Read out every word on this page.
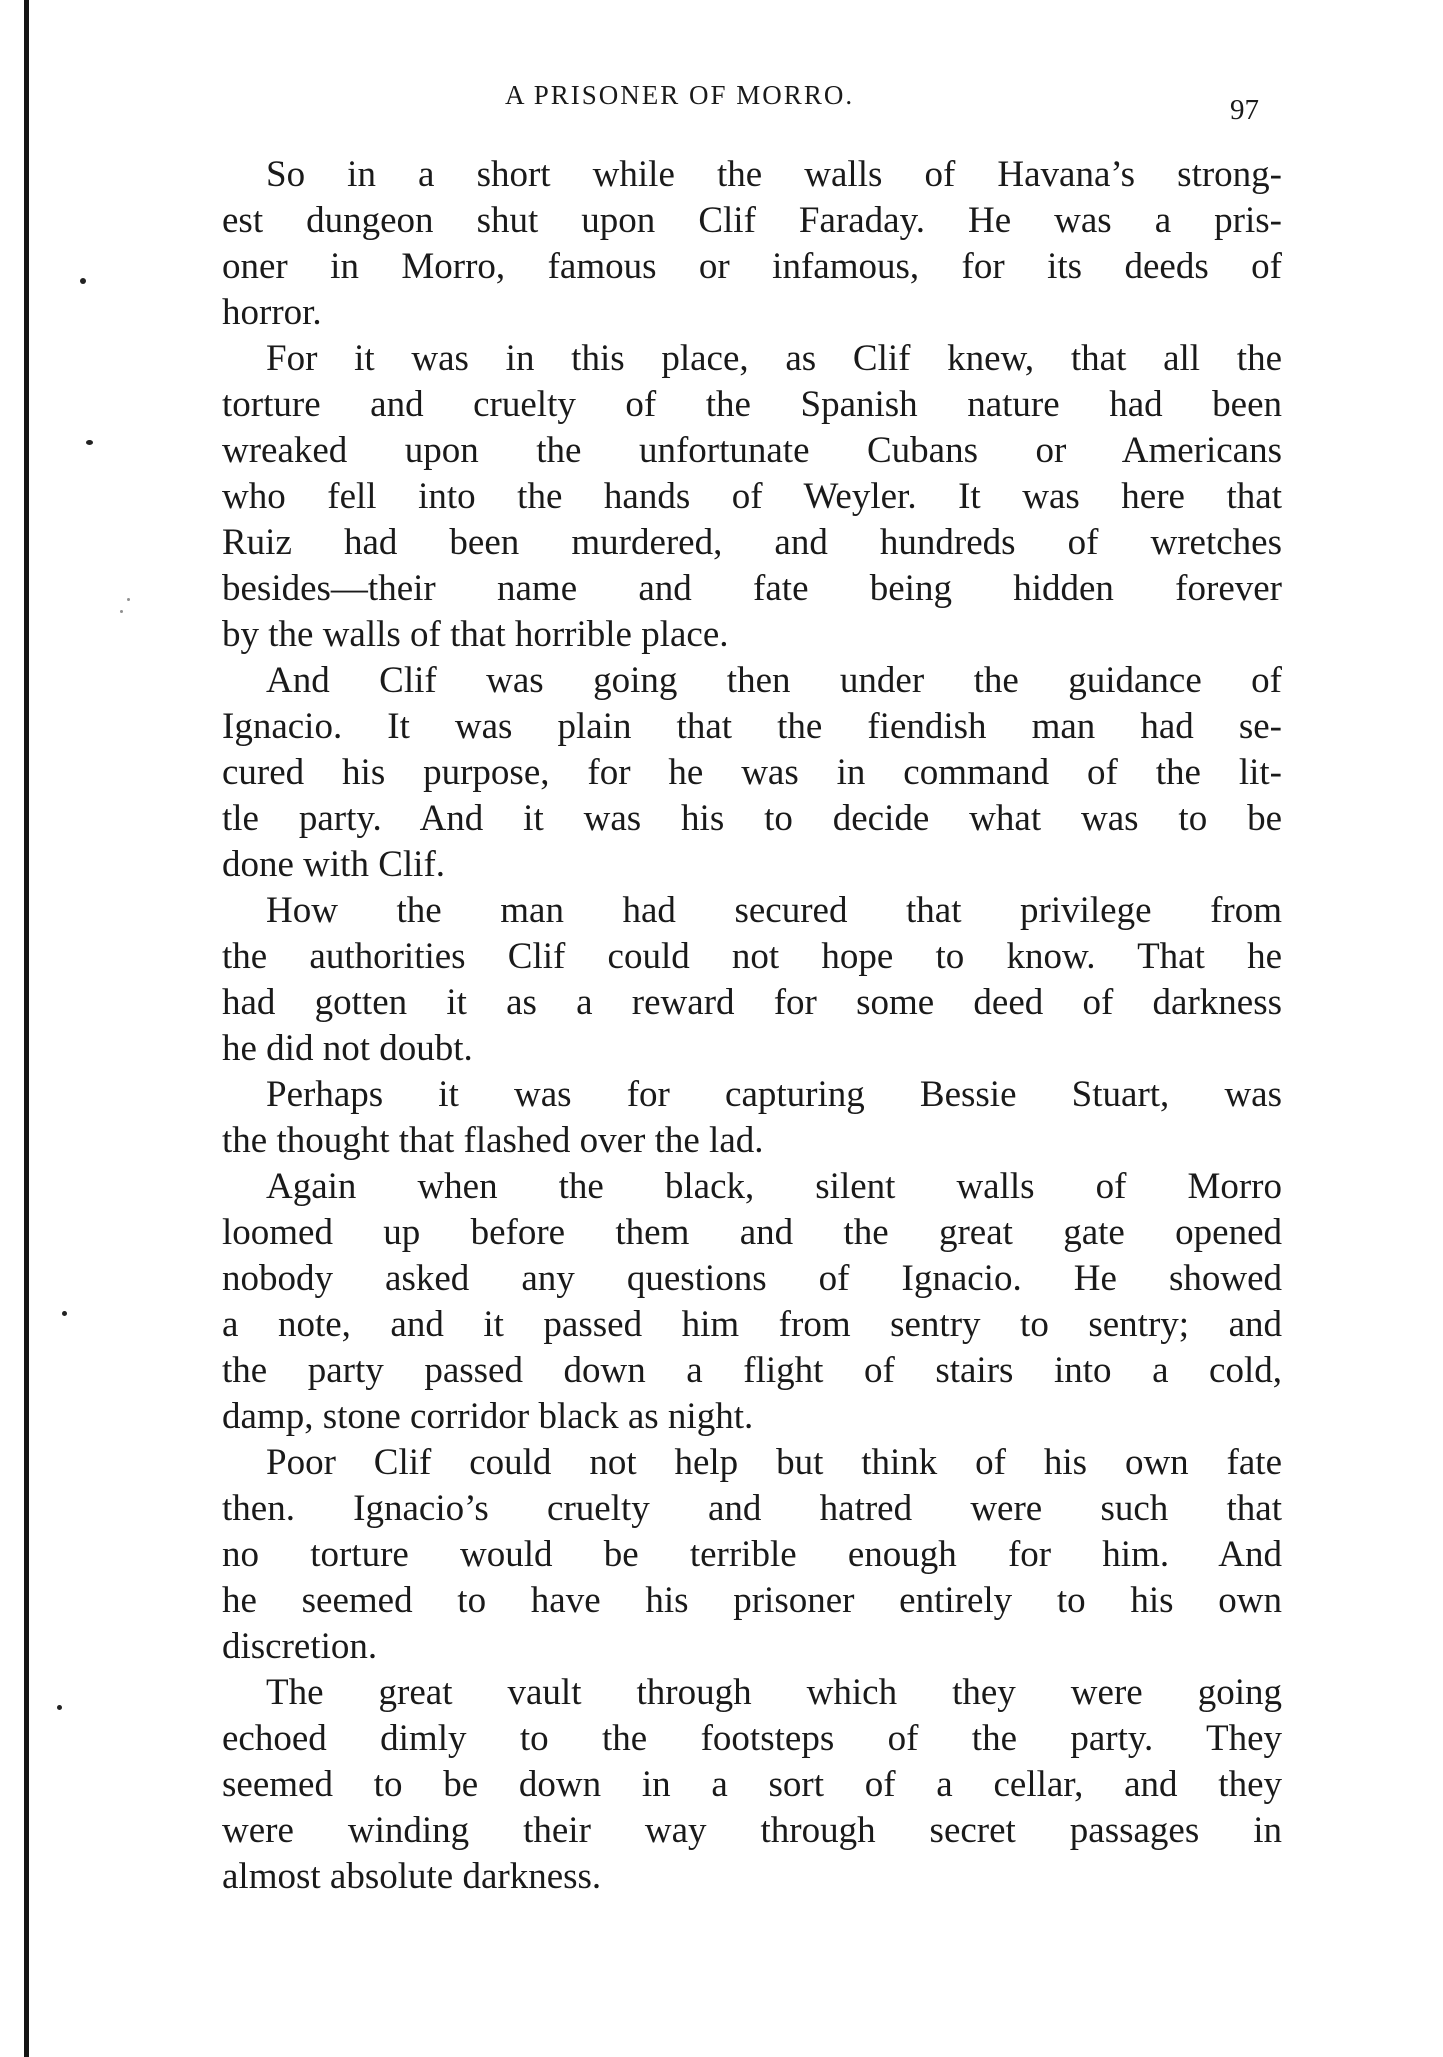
A PRISONER OF MORRO.	97
So in a short while the walls of Havana’s strong-
est dungeon shut upon Clif Faraday. He was a pris-
oner in Morro, famous or infamous, for its deeds of
horror.
For it was in this place, as Clif knew, that all the
torture and cruelty of the Spanish nature had been
wreaked upon the unfortunate Cubans or Americans
who fell into the hands of Weyler. It was here that
Ruiz had been murdered, and hundreds of wretches
besides—their name and fate being hidden forever
by the walls of that horrible place.
And Clif was going then under the guidance of
Ignacio. It was plain that the fiendish man had se-
cured his purpose, for he was in command of the lit-
tle party. And it was his to decide what was to be
done with Clif.
How the man had secured that privilege from
the authorities Clif could not hope to know. That he
had gotten it as a reward for some deed of darkness
he did not doubt.
Perhaps it was for capturing Bessie Stuart, was
the thought that flashed over the lad.
Again when the black, silent walls of Morro
loomed up before them and the great gate opened
nobody asked any questions of Ignacio. He showed
a note, and it passed him from sentry to sentry; and
the party passed down a flight of stairs into a cold,
damp, stone corridor black as night.
Poor Clif could not help but think of his own fate
then. Ignacio’s cruelty and hatred were such that
no torture would be terrible enough for him. And
he seemed to have his prisoner entirely to his own
discretion.
The great vault through which they were going
echoed dimly to the footsteps of the party. They
seemed to be down in a sort of a cellar, and they
were winding their way through secret passages in
almost absolute darkness.
